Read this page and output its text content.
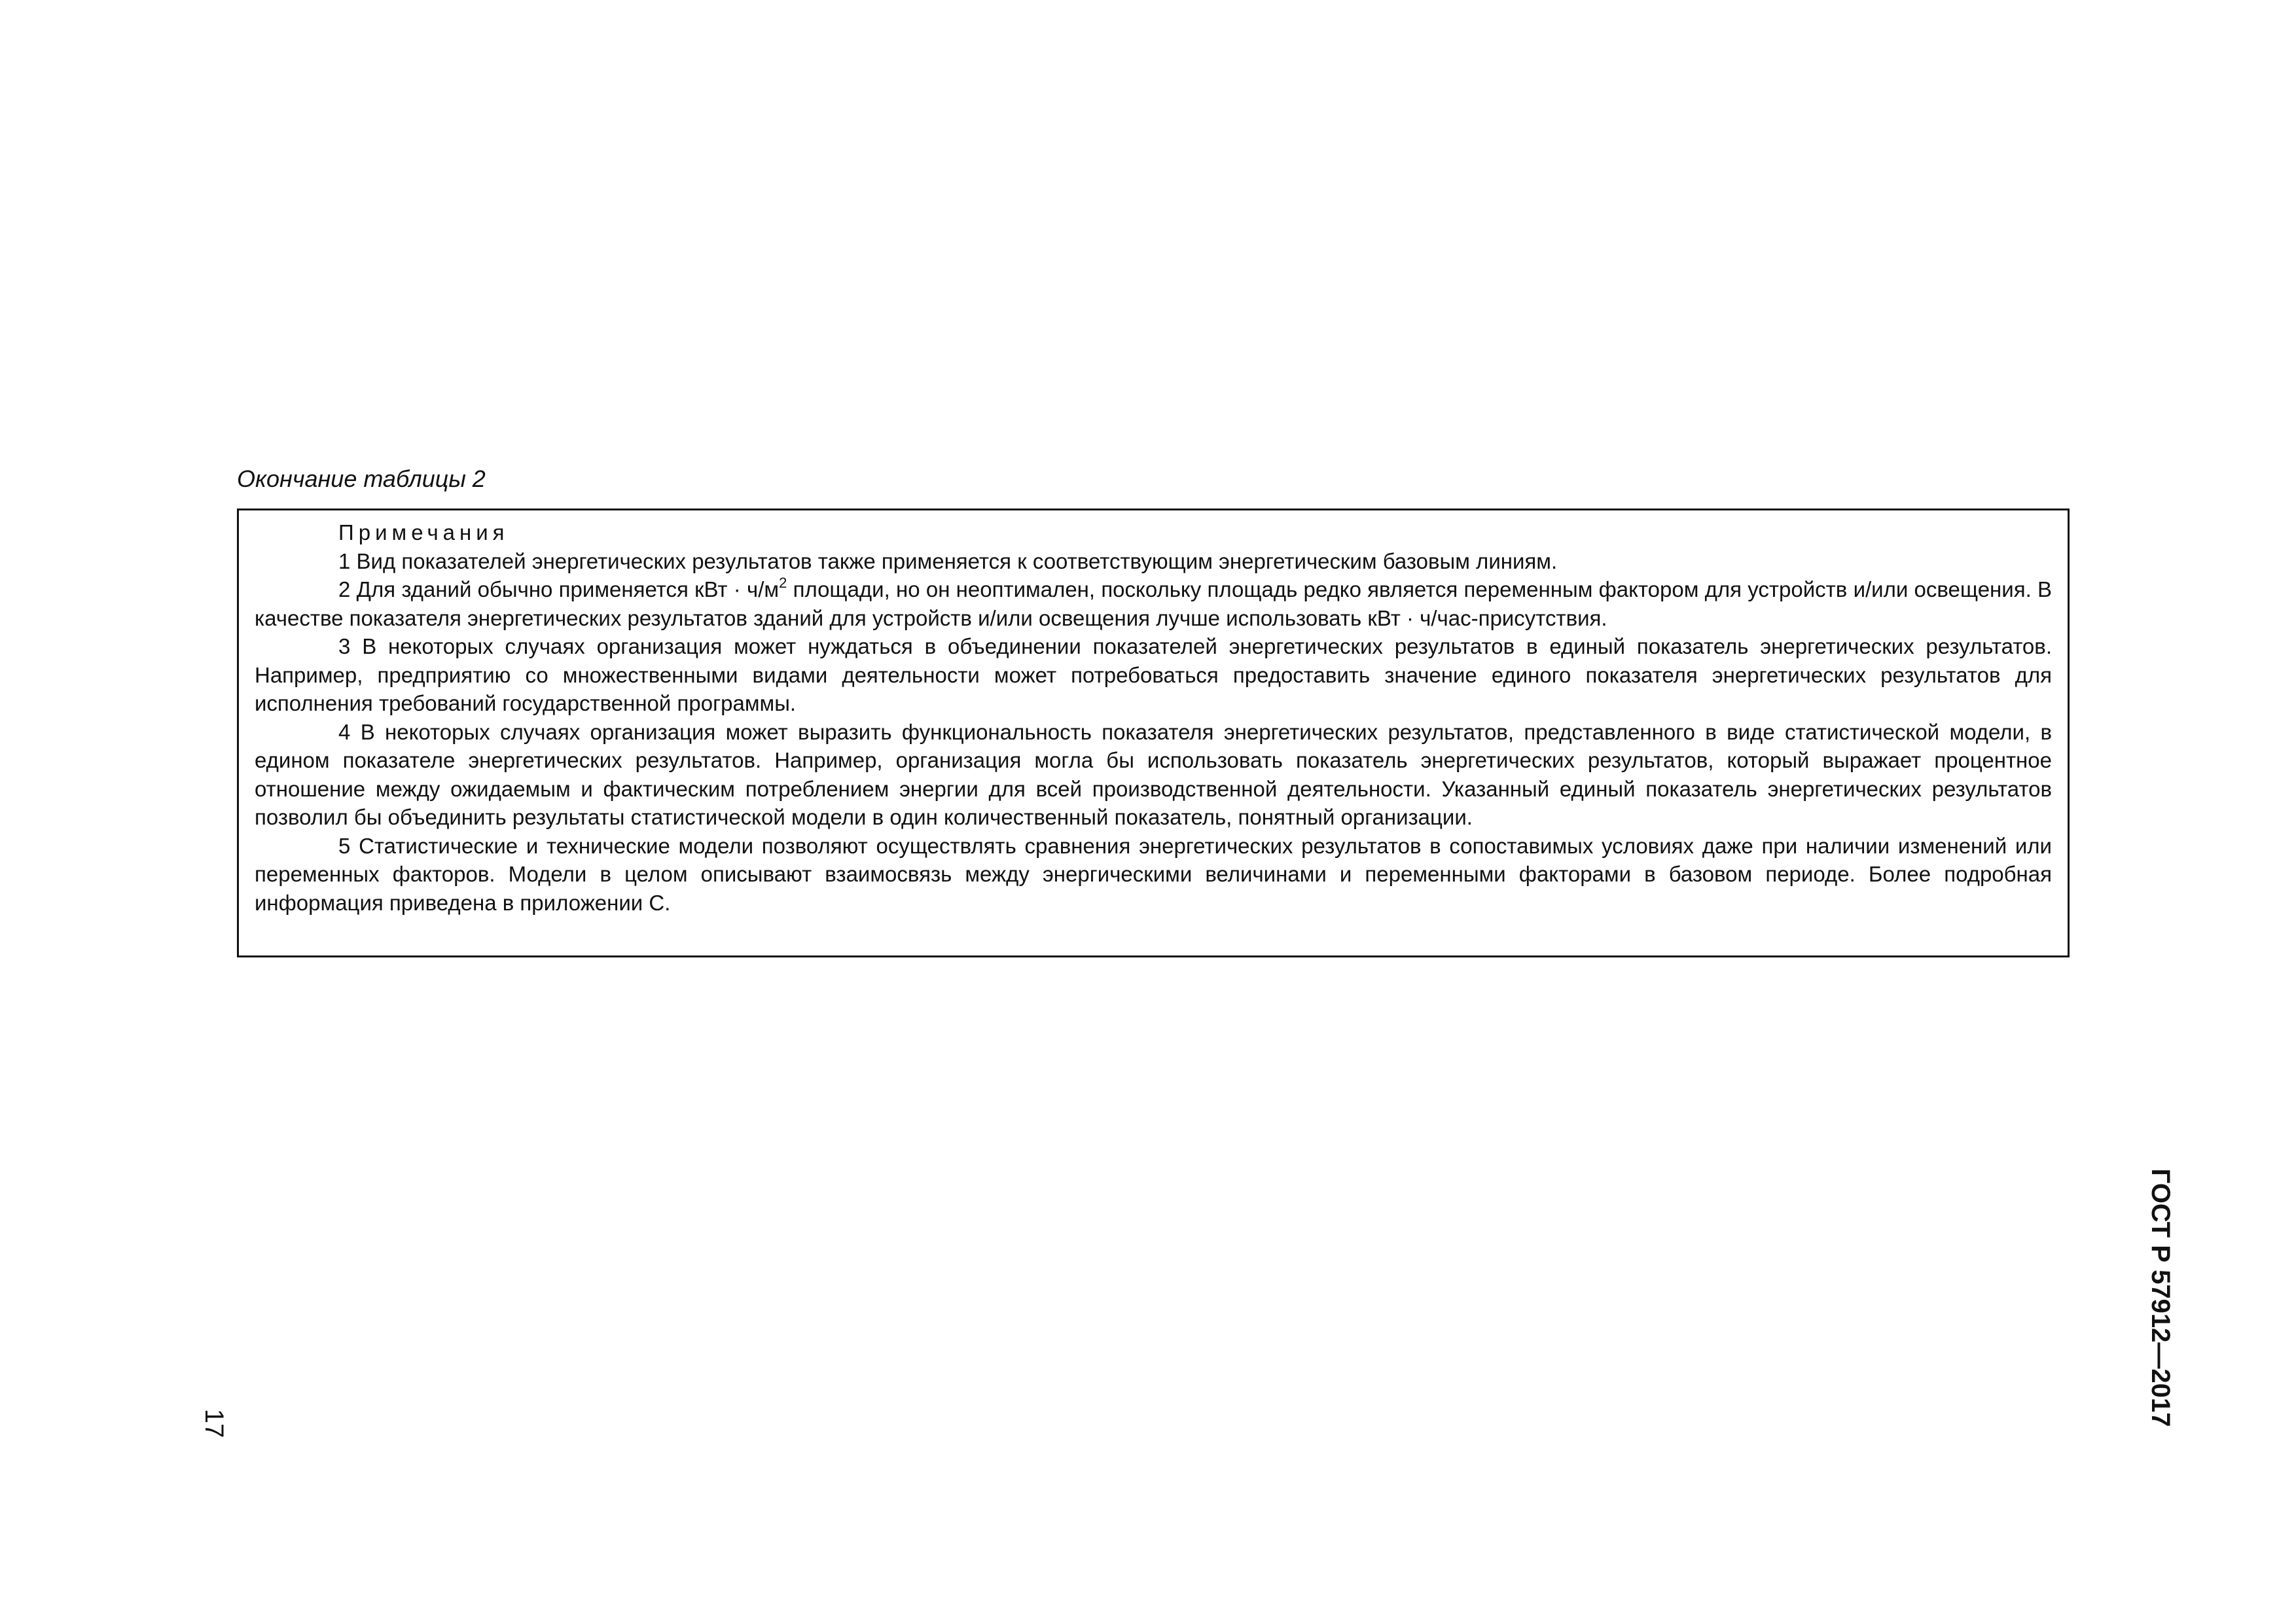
Окончание таблицы 2

Примечания

1 Вид показателей энергетических результатов также применяется к соответствующим энергетическим базовым линиям.

2 Для зданий обычно применяется кВт · $ч/м^2$ площади, но он неоптимален, поскольку площадь редко является переменным фактором для устройств и/или освещения. В качестве показателя энергетических результатов зданий для устройств и/или освещения лучше использовать кВт · ч/час-присутствия.

3 В некоторых случаях организация может нуждаться в объединении показателей энергетических результатов в единый показатель энергетических результатов. Например, предприятию со множественными видами деятельности может потребоваться предоставить значение единого показателя энергетических результатов для исполнения требований государственной программы.

4 В некоторых случаях организация может выразить функциональность показателя энергетических результатов, представленного в виде статистической модели, в едином показателе энергетических результатов. Например, организация могла бы использовать показатель энергетических результатов, который выражает процентное отношение между ожидаемым и фактическим потреблением энергии для всей производственной деятельности. Указанный единый показатель энергетических результатов позволил бы объединить результаты статистической модели в один количественный показатель, понятный организации.

5 Статистические и технические модели позволяют осуществлять сравнения энергетических результатов в сопоставимых условиях даже при наличии изменений или переменных факторов. Модели в целом описывают взаимосвязь между энергическими величинами и переменными факторами в базовом периоде. Более подробная информация приведена в приложении С.

ГОСТ Р 57912—2017
17
